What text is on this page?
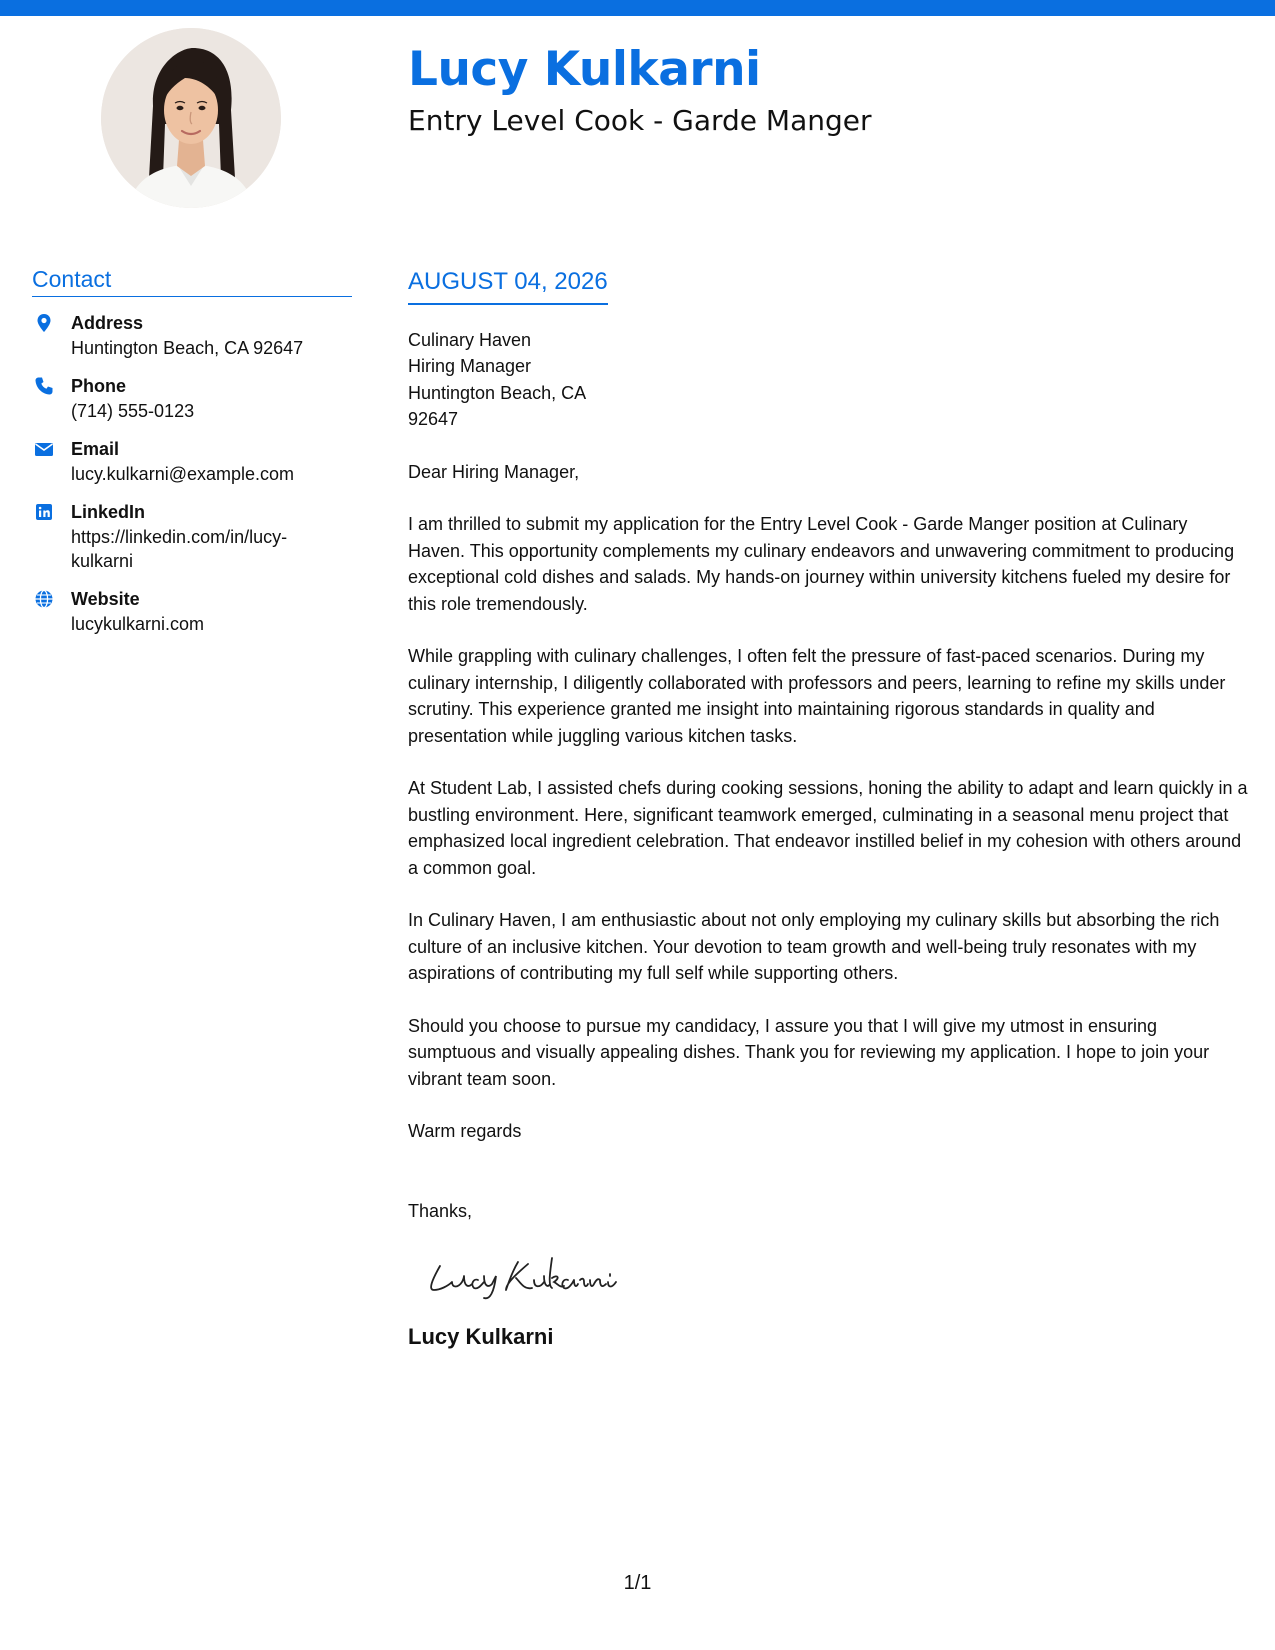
Lucy Kulkarni
Entry Level Cook - Garde Manger
Contact
Address
Huntington Beach, CA 92647
Phone
(714) 555-0123
Email
lucy.kulkarni@example.com
LinkedIn
https://linkedin.com/in/lucy-kulkarni
Website
lucykulkarni.com
AUGUST 04, 2026
Culinary Haven
Hiring Manager
Huntington Beach, CA
92647
Dear Hiring Manager,

I am thrilled to submit my application for the Entry Level Cook - Garde Manger position at Culinary Haven. This opportunity complements my culinary endeavors and unwavering commitment to producing exceptional cold dishes and salads. My hands-on journey within university kitchens fueled my desire for this role tremendously.

While grappling with culinary challenges, I often felt the pressure of fast-paced scenarios. During my culinary internship, I diligently collaborated with professors and peers, learning to refine my skills under scrutiny. This experience granted me insight into maintaining rigorous standards in quality and presentation while juggling various kitchen tasks.

At Student Lab, I assisted chefs during cooking sessions, honing the ability to adapt and learn quickly in a bustling environment. Here, significant teamwork emerged, culminating in a seasonal menu project that emphasized local ingredient celebration. That endeavor instilled belief in my cohesion with others around a common goal.

In Culinary Haven, I am enthusiastic about not only employing my culinary skills but absorbing the rich culture of an inclusive kitchen. Your devotion to team growth and well-being truly resonates with my aspirations of contributing my full self while supporting others.

Should you choose to pursue my candidacy, I assure you that I will give my utmost in ensuring sumptuous and visually appealing dishes. Thank you for reviewing my application. I hope to join your vibrant team soon.

Warm regards
Thanks,
Lucy Kulkarni
1/1
